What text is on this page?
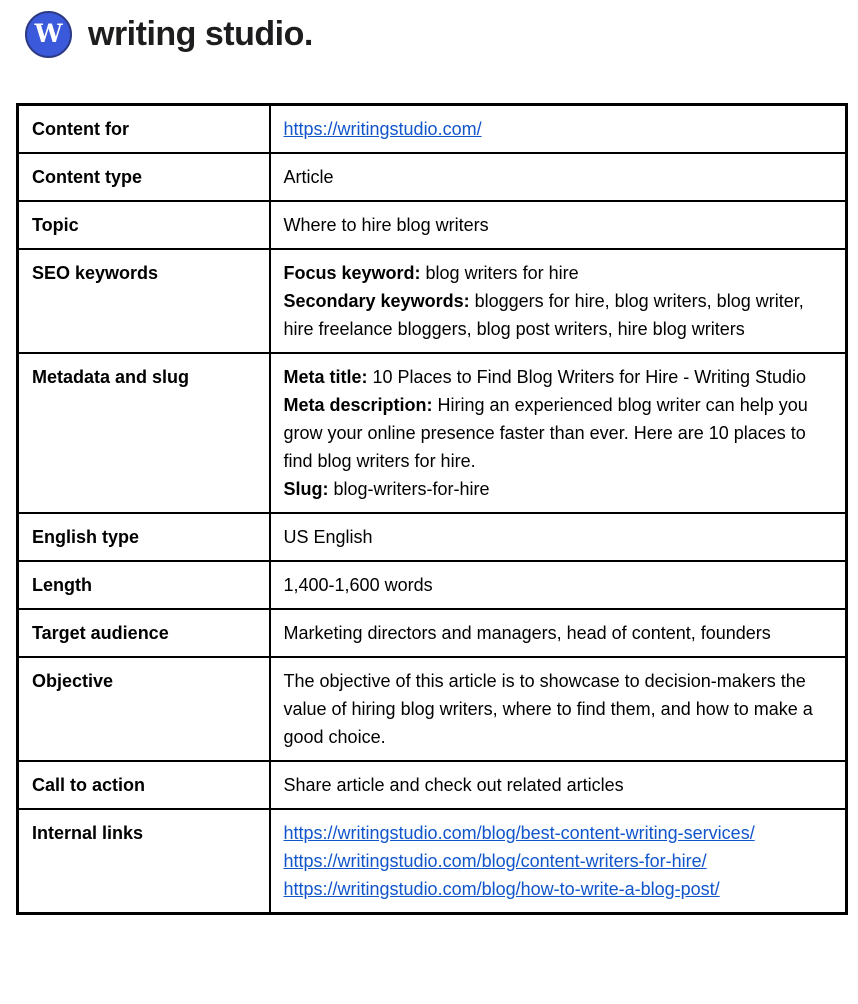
W writing studio.
Content for	https://writingstudio.com/
Content type	Article
Topic	Where to hire blog writers
SEO keywords	Focus keyword: blog writers for hire
Secondary keywords: bloggers for hire, blog writers, blog writer, hire freelance bloggers, blog post writers, hire blog writers
Metadata and slug	Meta title: 10 Places to Find Blog Writers for Hire - Writing Studio
Meta description: Hiring an experienced blog writer can help you grow your online presence faster than ever. Here are 10 places to find blog writers for hire.
Slug: blog-writers-for-hire
English type	US English
Length	1,400-1,600 words
Target audience	Marketing directors and managers, head of content, founders
Objective	The objective of this article is to showcase to decision-makers the value of hiring blog writers, where to find them, and how to make a good choice.
Call to action	Share article and check out related articles
Internal links	https://writingstudio.com/blog/best-content-writing-services/
https://writingstudio.com/blog/content-writers-for-hire/
https://writingstudio.com/blog/how-to-write-a-blog-post/
